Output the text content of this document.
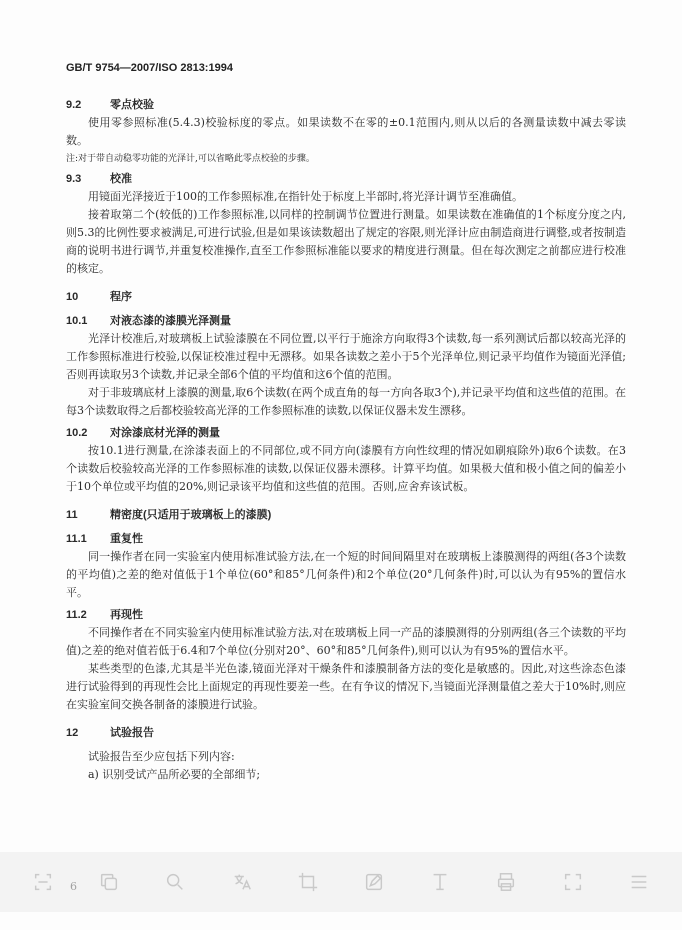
GB/T 9754—2007/ISO 2813:1994
9.2	零点校验
使用零参照标准(5.4.3)校验标度的零点。如果读数不在零的±0.1范围内,则从以后的各测量读数中减去零读数。
注:对于带自动稳零功能的光泽计,可以省略此零点校验的步骤。
9.3	校准
用镜面光泽接近于100的工作参照标准,在指针处于标度上半部时,将光泽计调节至准确值。
接着取第二个(较低的)工作参照标准,以同样的控制调节位置进行测量。如果读数在准确值的1个标度分度之内,则5.3的比例性要求被满足,可进行试验,但是如果该读数超出了规定的容限,则光泽计应由制造商进行调整,或者按制造商的说明书进行调节,并重复校准操作,直至工作参照标准能以要求的精度进行测量。但在每次测定之前都应进行校准的核定。
10	程序
10.1 对液态漆的漆膜光泽测量
光泽计校准后,对玻璃板上试验漆膜在不同位置,以平行于施涂方向取得3个读数,每一系列测试后都以较高光泽的工作参照标准进行校验,以保证校准过程中无漂移。如果各读数之差小于5个光泽单位,则记录平均值作为镜面光泽值;否则再读取另3个读数,并记录全部6个值的平均值和这6个值的范围。
对于非玻璃底材上漆膜的测量,取6个读数(在两个成直角的每一方向各取3个),并记录平均值和这些值的范围。在每3个读数取得之后都校验较高光泽的工作参照标准的读数,以保证仪器未发生漂移。
10.2 对涂漆底材光泽的测量
按10.1进行测量,在涂漆表面上的不同部位,或不同方向(漆膜有方向性纹理的情况如刷痕除外)取6个读数。在3个读数后校验较高光泽的工作参照标准的读数,以保证仪器未漂移。计算平均值。如果极大值和极小值之间的偏差小于10个单位或平均值的20%,则记录该平均值和这些值的范围。否则,应舍弃该试板。
11	精密度(只适用于玻璃板上的漆膜)
11.1 重复性
同一操作者在同一实验室内使用标准试验方法,在一个短的时间间隔里对在玻璃板上漆膜测得的两组(各3个读数的平均值)之差的绝对值低于1个单位(60°和85°几何条件)和2个单位(20°几何条件)时,可以认为有95%的置信水平。
11.2 再现性
不同操作者在不同实验室内使用标准试验方法,对在玻璃板上同一产品的漆膜测得的分别两组(各三个读数的平均值)之差的绝对值若低于6.4和7个单位(分别对20°、60°和85°几何条件),则可以认为有95%的置信水平。
某些类型的色漆,尤其是半光色漆,镜面光泽对干燥条件和漆膜制备方法的变化是敏感的。因此,对这些涂态色漆进行试验得到的再现性会比上面规定的再现性要差一些。在有争议的情况下,当镜面光泽测量值之差大于10%时,则应在实验室间交换各制备的漆膜进行试验。
12	试验报告
试验报告至少应包括下列内容:
a) 识别受试产品所必要的全部细节;
